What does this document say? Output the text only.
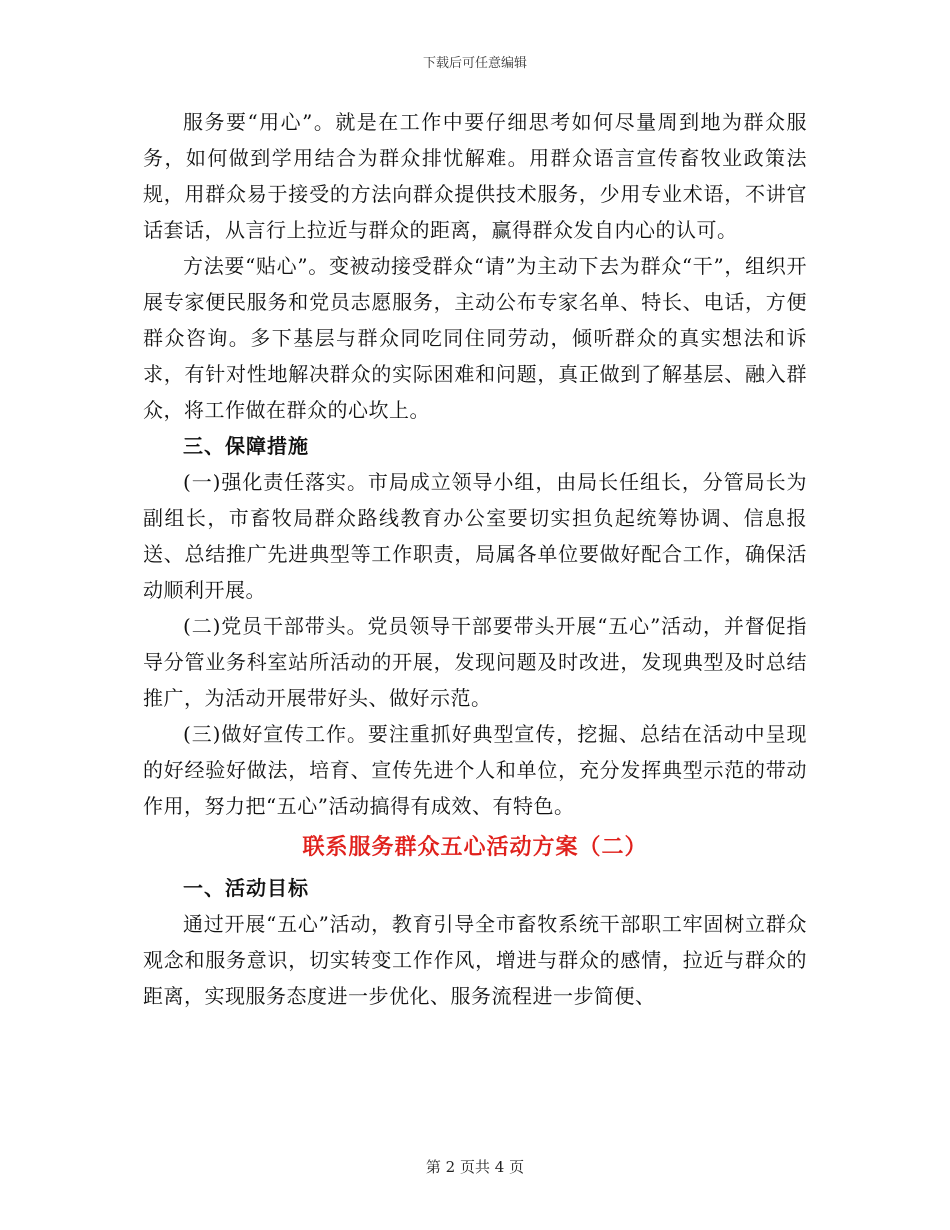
下载后可任意编辑

服务要“用心”。就是在工作中要仔细思考如何尽量周到地为群众服务，如何做到学用结合为群众排忧解难。用群众语言宣传畜牧业政策法规，用群众易于接受的方法向群众提供技术服务，少用专业术语，不讲官话套话，从言行上拉近与群众的距离，赢得群众发自内心的认可。

方法要“贴心”。变被动接受群众“请”为主动下去为群众“干”，组织开展专家便民服务和党员志愿服务，主动公布专家名单、特长、电话，方便群众咨询。多下基层与群众同吃同住同劳动，倾听群众的真实想法和诉求，有针对性地解决群众的实际困难和问题，真正做到了解基层、融入群众，将工作做在群众的心坎上。

三、保障措施

(一)强化责任落实。市局成立领导小组，由局长任组长，分管局长为副组长，市畜牧局群众路线教育办公室要切实担负起统筹协调、信息报送、总结推广先进典型等工作职责，局属各单位要做好配合工作，确保活动顺利开展。

(二)党员干部带头。党员领导干部要带头开展“五心”活动，并督促指导分管业务科室站所活动的开展，发现问题及时改进，发现典型及时总结推广，为活动开展带好头、做好示范。

(三)做好宣传工作。要注重抓好典型宣传，挖掘、总结在活动中呈现的好经验好做法，培育、宣传先进个人和单位，充分发挥典型示范的带动作用，努力把“五心”活动搞得有成效、有特色。

联系服务群众五心活动方案（二）

一、活动目标

通过开展“五心”活动，教育引导全市畜牧系统干部职工牢固树立群众观念和服务意识，切实转变工作作风，增进与群众的感情，拉近与群众的距离，实现服务态度进一步优化、服务流程进一步简便、

第 2 页共 4 页
